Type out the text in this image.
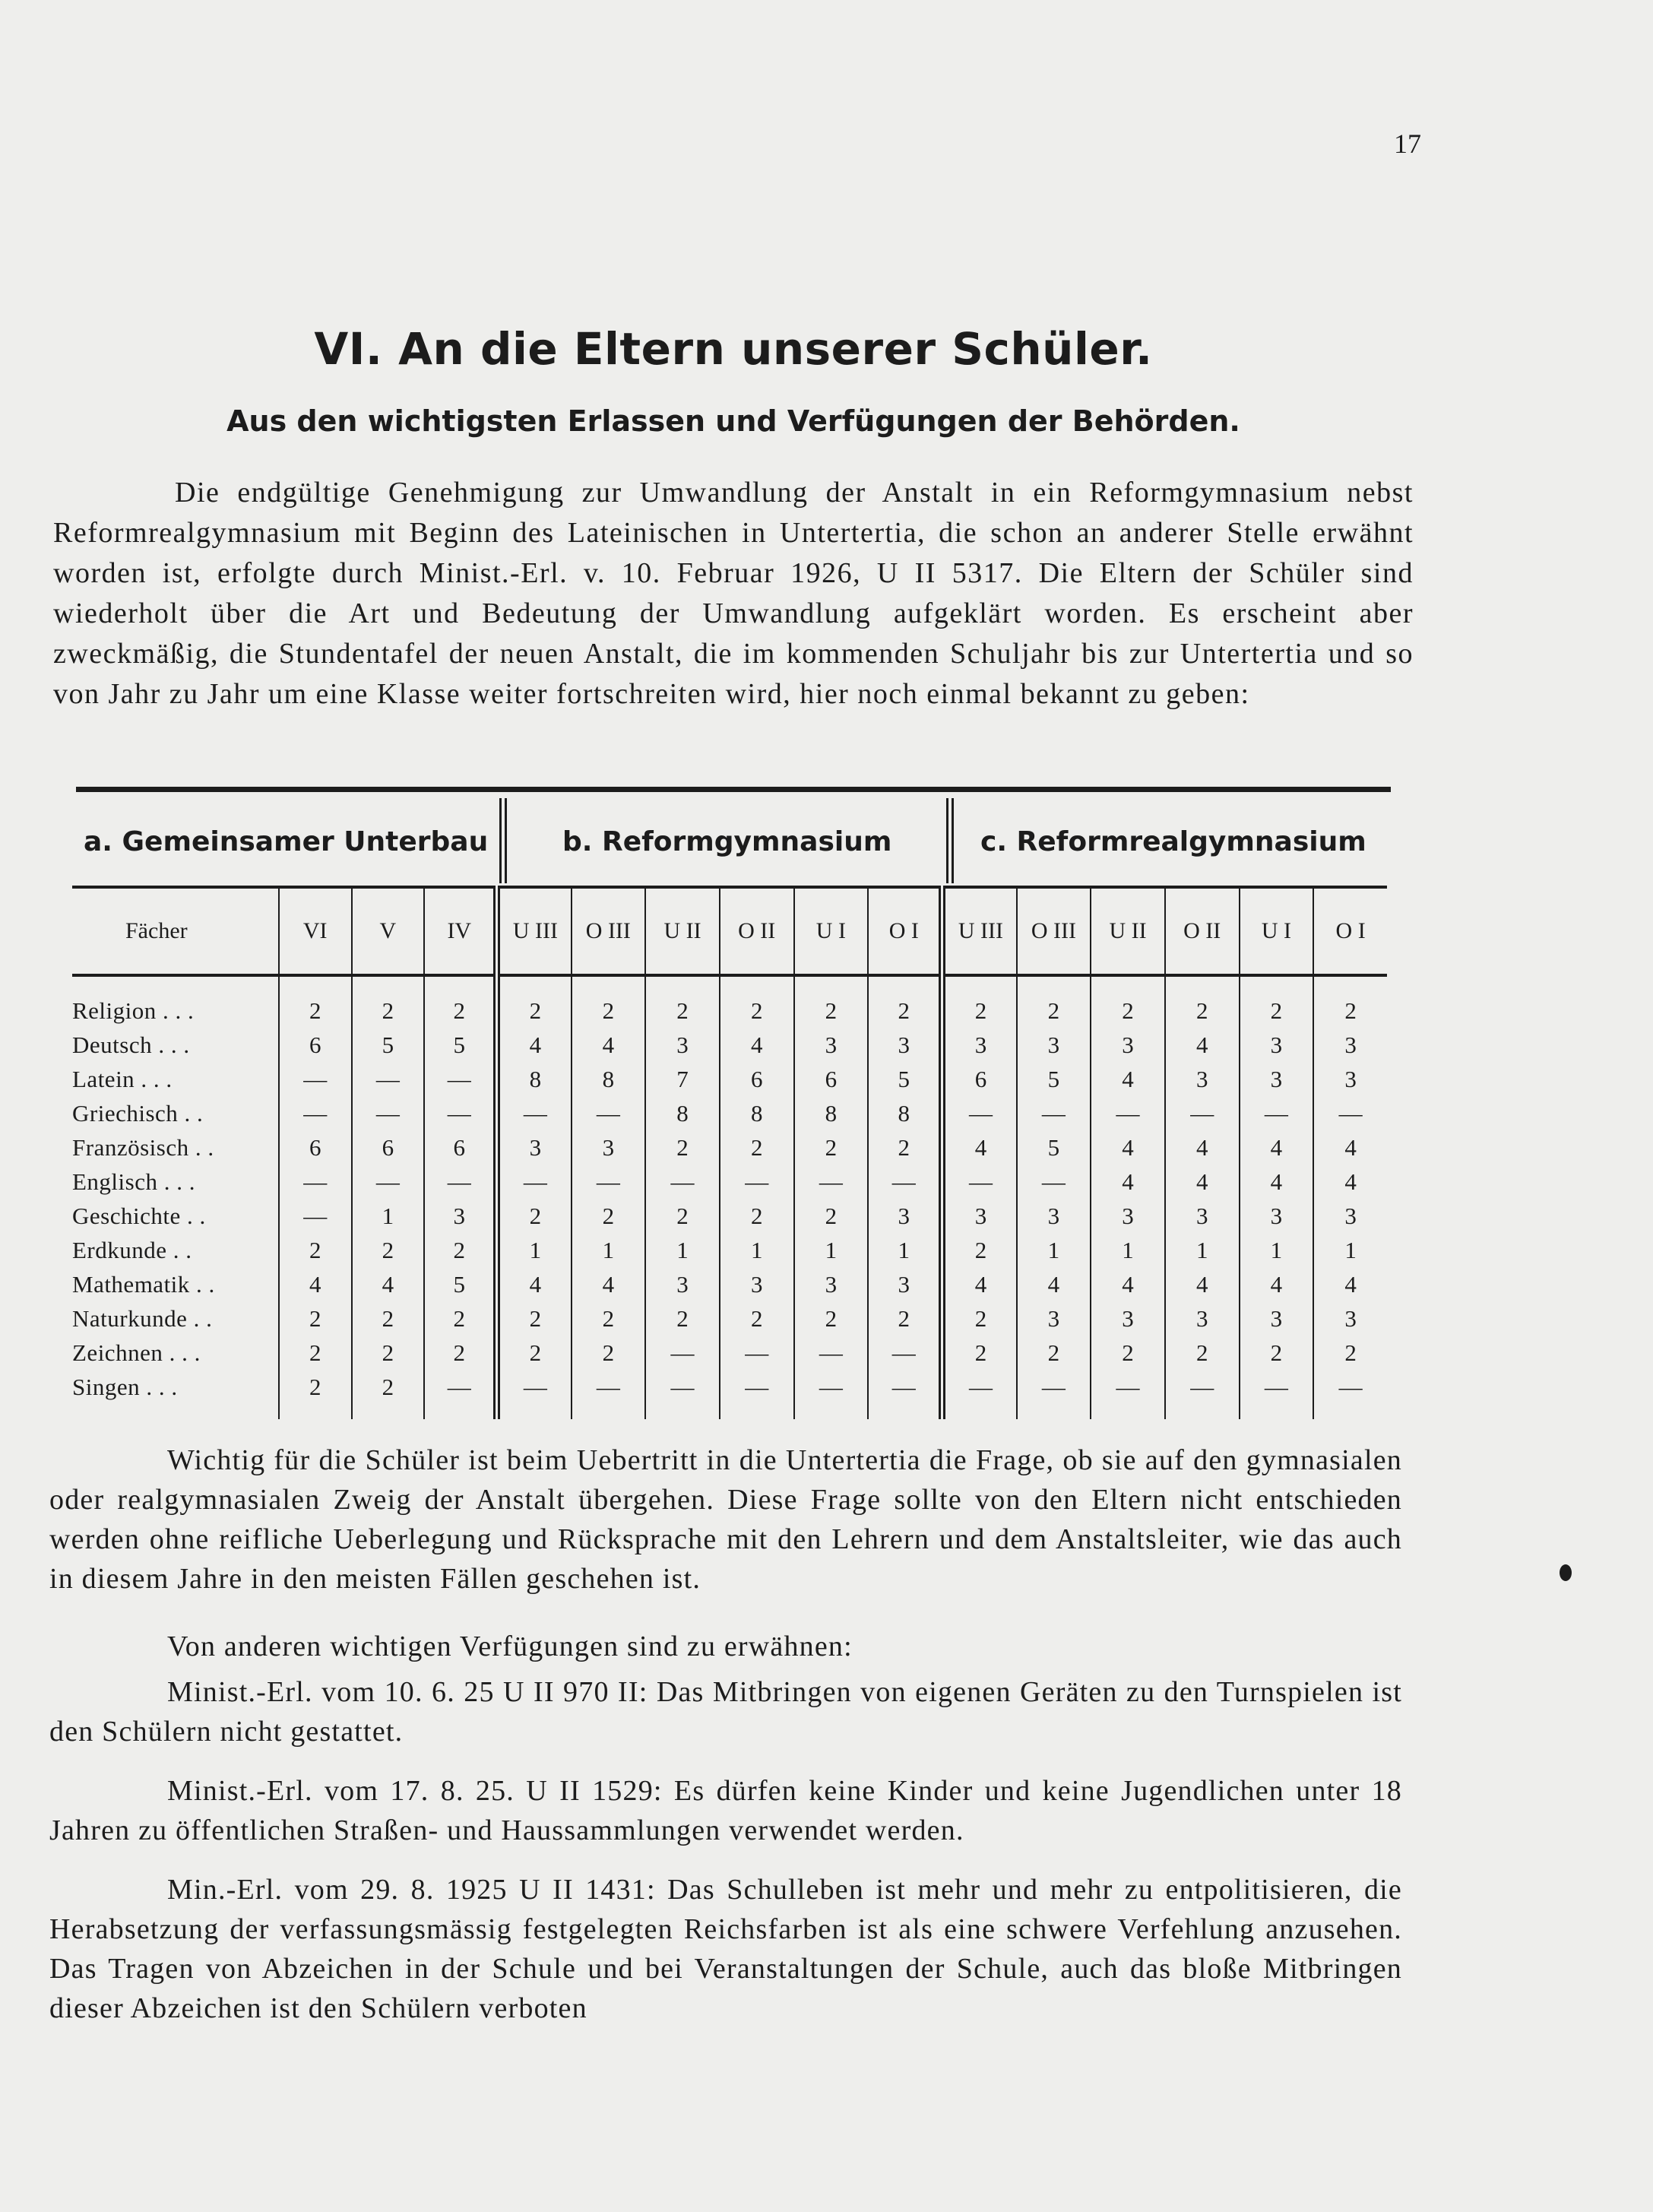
17
VI. An die Eltern unserer Schüler.
Aus den wichtigsten Erlassen und Verfügungen der Behörden.

Die endgültige Genehmigung zur Umwandlung der Anstalt in ein Reformgymnasium nebst Reformrealgymnasium mit Beginn des Lateinischen in Untertertia, die schon an anderer Stelle erwähnt worden ist, erfolgte durch Minist.-Erl. v. 10. Februar 1926, U II 5317. Die Eltern der Schüler sind wiederholt über die Art und Bedeutung der Umwandlung aufgeklärt worden. Es erscheint aber zweckmäßig, die Stundentafel der neuen Anstalt, die im kommenden Schuljahr bis zur Untertertia und so von Jahr zu Jahr um eine Klasse weiter fortschreiten wird, hier noch einmal bekannt zu geben:

a. Gemeinsamer Unterbau	b. Reformgymnasium	c. Reformrealgymnasium
Fächer	VI	V	IV	U III	O III	U II	O II	U I	O I	U III	O III	U II	O II	U I	O I
Religion . . .	2	2	2	2	2	2	2	2	2	2	2	2	2	2	2
Deutsch . . .	6	5	5	4	4	3	4	3	3	3	3	3	4	3	3
Latein . . .	—	—	—	8	8	7	6	6	5	6	5	4	3	3	3
Griechisch . .	—	—	—	—	—	8	8	8	8	—	—	—	—	—	—
Französisch . .	6	6	6	3	3	2	2	2	2	4	5	4	4	4	4
Englisch . . .	—	—	—	—	—	—	—	—	—	—	—	4	4	4	4
Geschichte . .	—	1	3	2	2	2	2	2	3	3	3	3	3	3	3
Erdkunde . .	2	2	2	1	1	1	1	1	1	2	1	1	1	1	1
Mathematik . .	4	4	5	4	4	3	3	3	3	4	4	4	4	4	4
Naturkunde . .	2	2	2	2	2	2	2	2	2	2	3	3	3	3	3
Zeichnen . . .	2	2	2	2	2	—	—	—	—	2	2	2	2	2	2
Singen . . .	2	2	—	—	—	—	—	—	—	—	—	—	—	—	—

Wichtig für die Schüler ist beim Uebertritt in die Untertertia die Frage, ob sie auf den gymnasialen oder realgymnasialen Zweig der Anstalt übergehen. Diese Frage sollte von den Eltern nicht entschieden werden ohne reifliche Ueberlegung und Rücksprache mit den Lehrern und dem Anstaltsleiter, wie das auch in diesem Jahre in den meisten Fällen geschehen ist.

Von anderen wichtigen Verfügungen sind zu erwähnen:

Minist.-Erl. vom 10. 6. 25 U II 970 II: Das Mitbringen von eigenen Geräten zu den Turnspielen ist den Schülern nicht gestattet.

Minist.-Erl. vom 17. 8. 25. U II 1529: Es dürfen keine Kinder und keine Jugendlichen unter 18 Jahren zu öffentlichen Straßen- und Haussammlungen verwendet werden.

Min.-Erl. vom 29. 8. 1925 U II 1431: Das Schulleben ist mehr und mehr zu entpolitisieren, die Herabsetzung der verfassungsmässig festgelegten Reichsfarben ist als eine schwere Verfehlung anzusehen. Das Tragen von Abzeichen in der Schule und bei Veranstaltungen der Schule, auch das bloße Mitbringen dieser Abzeichen ist den Schülern verboten
